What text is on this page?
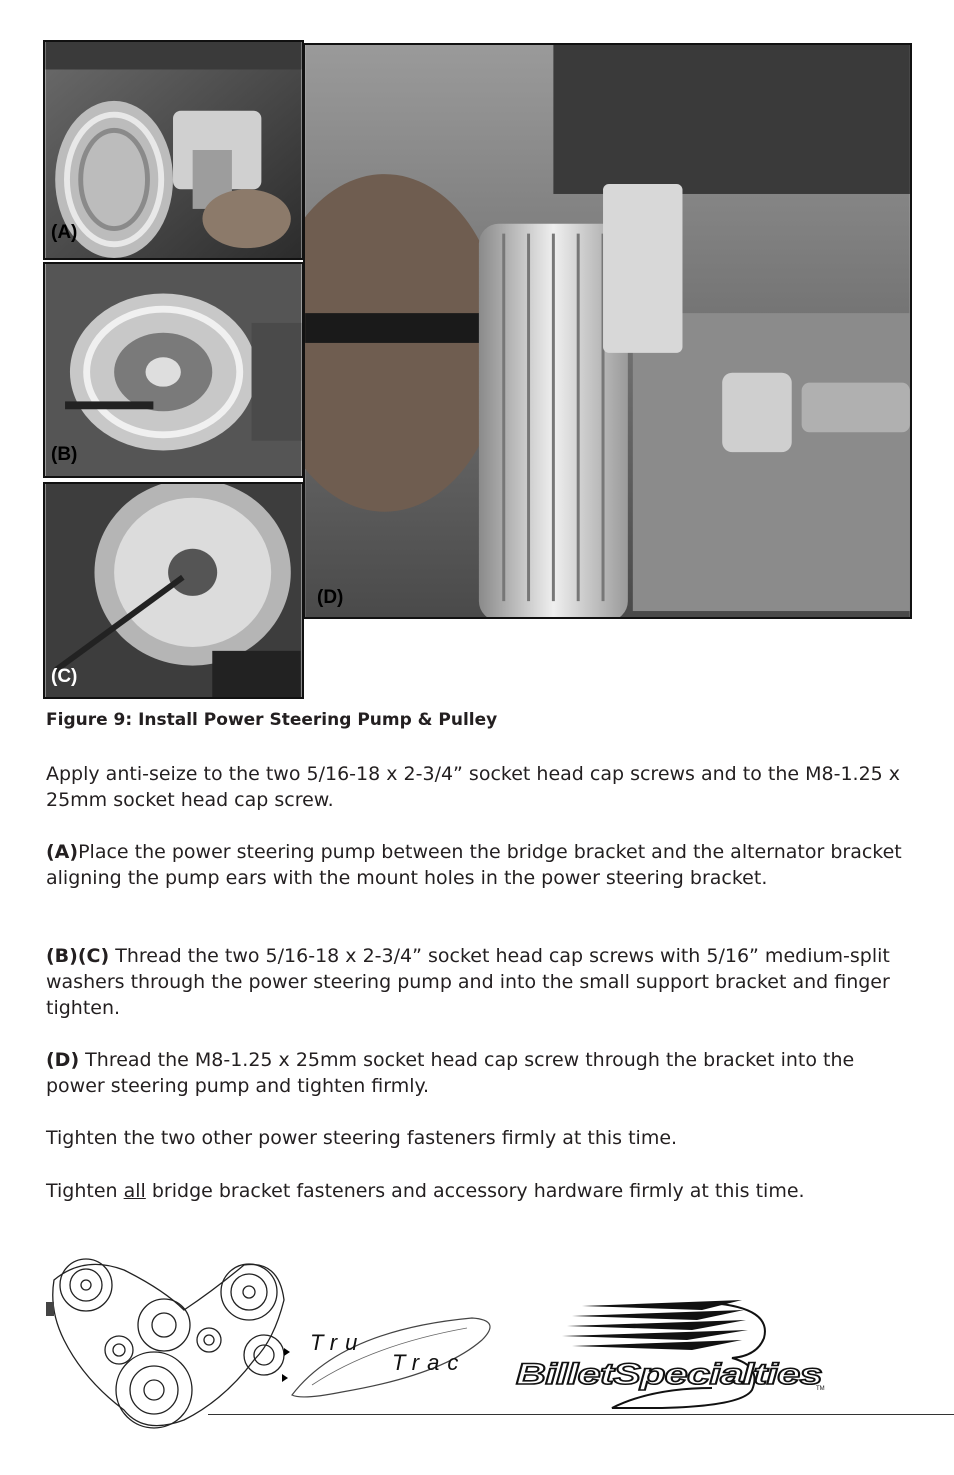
(A)
(B)
(C)
(D)
Figure 9: Install Power Steering Pump & Pulley
Apply anti-seize to the two 5/16-18 x 2-3/4” socket head cap screws and to the M8-1.25 x 25mm socket head cap screw.
(A)Place the power steering pump between the bridge bracket and the alternator bracket aligning the pump ears with the mount holes in the power steering bracket.
(B)(C) Thread the two 5/16-18 x 2-3/4” socket head cap screws with 5/16” medium-split washers through the power steering pump and into the small support bracket and finger tighten.
(D) Thread the M8-1.25 x 25mm socket head cap screw through the bracket into the power steering pump and tighten firmly.
Tighten the two other power steering fasteners firmly at this time.
Tighten all bridge bracket fasteners and accessory hardware firmly at this time.
Tru
Trac BilletSpecialties
TM
